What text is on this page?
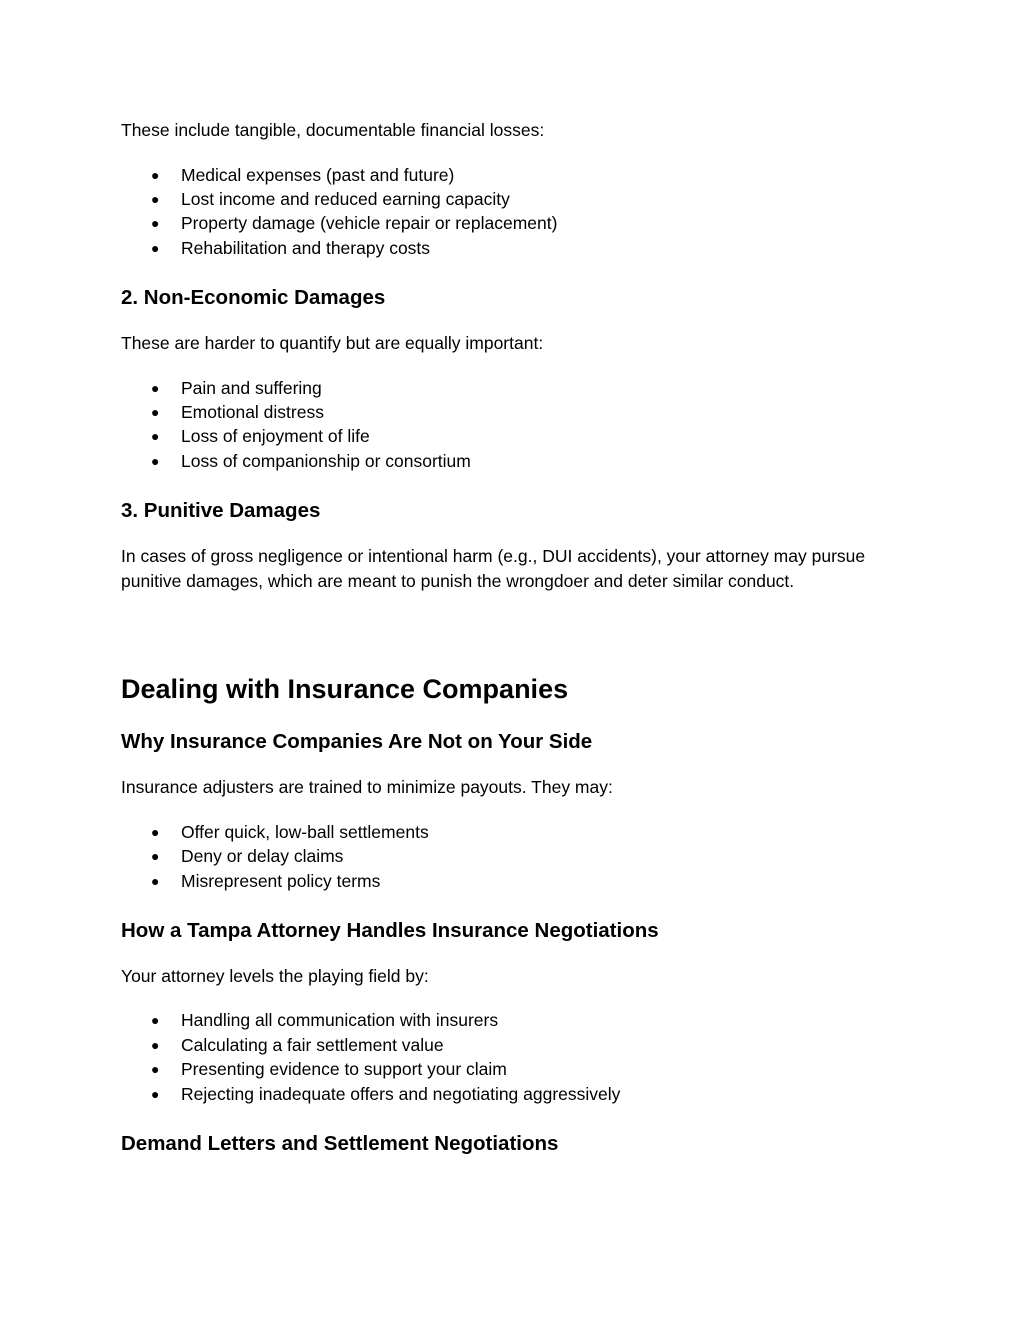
These include tangible, documentable financial losses:

● Medical expenses (past and future)
● Lost income and reduced earning capacity
● Property damage (vehicle repair or replacement)
● Rehabilitation and therapy costs
2. Non-Economic Damages

These are harder to quantify but are equally important:

● Pain and suffering
● Emotional distress
● Loss of enjoyment of life
● Loss of companionship or consortium
3. Punitive Damages

In cases of gross negligence or intentional harm (e.g., DUI accidents), your attorney may pursue punitive damages, which are meant to punish the wrongdoer and deter similar conduct.

Dealing with Insurance Companies
Why Insurance Companies Are Not on Your Side

Insurance adjusters are trained to minimize payouts. They may:

● Offer quick, low-ball settlements
● Deny or delay claims
● Misrepresent policy terms
How a Tampa Attorney Handles Insurance Negotiations

Your attorney levels the playing field by:

● Handling all communication with insurers
● Calculating a fair settlement value
● Presenting evidence to support your claim
● Rejecting inadequate offers and negotiating aggressively
Demand Letters and Settlement Negotiations
